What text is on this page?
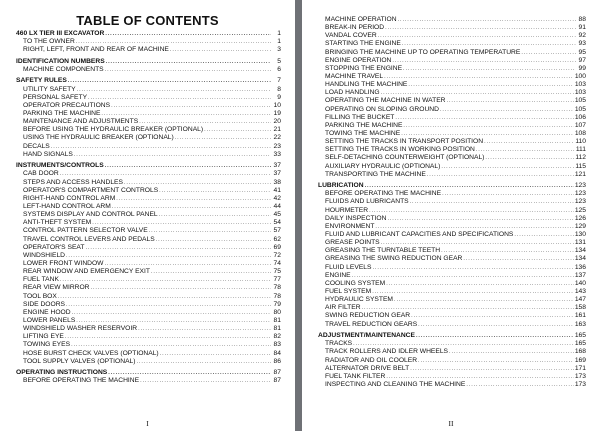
TABLE OF CONTENTS
460 LX TIER III EXCAVATOR .....	1
TO THE OWNER .....	1
RIGHT, LEFT, FRONT AND REAR OF MACHINE .....	3
IDENTIFICATION NUMBERS .....	5
MACHINE COMPONENTS .....	6
SAFETY RULES .....	7
UTILITY SAFETY .....	8
PERSONAL SAFETY .....	9
OPERATOR PRECAUTIONS .....	10
PARKING THE MACHINE .....	19
MAINTENANCE AND ADJUSTMENTS .....	20
BEFORE USING THE HYDRAULIC BREAKER (OPTIONAL) .....	21
USING THE HYDRAULIC BREAKER (OPTIONAL) .....	22
DECALS .....	23
HAND SIGNALS .....	33
INSTRUMENTS/CONTROLS .....	37
CAB DOOR .....	37
STEPS AND ACCESS HANDLES .....	38
OPERATOR'S COMPARTMENT CONTROLS .....	41
RIGHT-HAND CONTROL ARM .....	42
LEFT-HAND CONTROL ARM .....	44
SYSTEMS DISPLAY AND CONTROL PANEL .....	45
ANTI-THEFT SYSTEM .....	54
CONTROL PATTERN SELECTOR VALVE .....	57
TRAVEL CONTROL LEVERS AND PEDALS .....	62
OPERATOR'S SEAT .....	69
WINDSHIELD .....	72
LOWER FRONT WINDOW .....	74
REAR WINDOW AND EMERGENCY EXIT .....	75
FUEL TANK .....	77
REAR VIEW MIRROR .....	78
TOOL BOX .....	78
SIDE DOORS .....	79
ENGINE HOOD .....	80
LOWER PANELS .....	81
WINDSHIELD WASHER RESERVOIR .....	81
LIFTING EYE .....	82
TOWING EYES .....	83
HOSE BURST CHECK VALVES (OPTIONAL) .....	84
TOOL SUPPLY VALVES (OPTIONAL) .....	86
OPERATING INSTRUCTIONS .....	87
BEFORE OPERATING THE MACHINE .....	87
I
MACHINE OPERATION .....	88
BREAK-IN PERIOD .....	91
VANDAL COVER .....	92
STARTING THE ENGINE .....	93
BRINGING THE MACHINE UP TO OPERATING TEMPERATURE .....	95
ENGINE OPERATION .....	97
STOPPING THE ENGINE .....	99
MACHINE TRAVEL .....	100
HANDLING THE MACHINE .....	103
LOAD HANDLING .....	103
OPERATING THE MACHINE IN WATER .....	105
OPERATING ON SLOPING GROUND .....	105
FILLING THE BUCKET .....	106
PARKING THE MACHINE .....	107
TOWING THE MACHINE .....	108
SETTING THE TRACKS IN TRANSPORT POSITION .....	110
SETTING THE TRACKS IN WORKING POSITION .....	111
SELF-DETACHING COUNTERWEIGHT (OPTIONAL) .....	112
AUXILIARY HYDRAULIC (OPTIONAL) .....	115
TRANSPORTING THE MACHINE .....	121
LUBRICATION .....	123
BEFORE OPERATING THE MACHINE .....	123
FLUIDS AND LUBRICANTS .....	123
HOURMETER .....	125
DAILY INSPECTION .....	126
ENVIRONMENT .....	129
FLUID AND LUBRICANT CAPACITIES AND SPECIFICATIONS .....	130
GREASE POINTS .....	131
GREASING THE TURNTABLE TEETH .....	134
GREASING THE SWING REDUCTION GEAR .....	134
FLUID LEVELS .....	136
ENGINE .....	137
COOLING SYSTEM .....	140
FUEL SYSTEM .....	143
HYDRAULIC SYSTEM .....	147
AIR FILTER .....	158
SWING REDUCTION GEAR .....	161
TRAVEL REDUCTION GEARS .....	163
ADJUSTMENT/MAINTENANCE .....	165
TRACKS .....	165
TRACK ROLLERS AND IDLER WHEELS .....	168
RADIATOR AND OIL COOLER .....	169
ALTERNATOR DRIVE BELT .....	171
FUEL TANK FILTER .....	173
INSPECTING AND CLEANING THE MACHINE .....	173
II
